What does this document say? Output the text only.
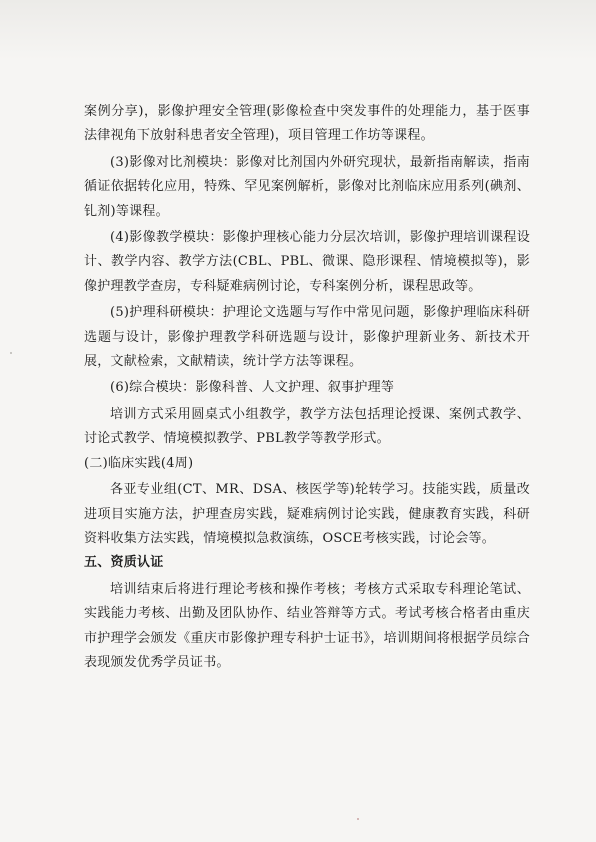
案例分享)，影像护理安全管理(影像检查中突发事件的处理能力，基于医事法律视角下放射科患者安全管理)，项目管理工作坊等课程。

(3)影像对比剂模块：影像对比剂国内外研究现状，最新指南解读，指南循证依据转化应用，特殊、罕见案例解析，影像对比剂临床应用系列(碘剂、钆剂)等课程。

(4)影像教学模块：影像护理核心能力分层次培训，影像护理培训课程设计、教学内容、教学方法(CBL、PBL、微课、隐形课程、情境模拟等)，影像护理教学查房，专科疑难病例讨论，专科案例分析，课程思政等。

(5)护理科研模块：护理论文选题与写作中常见问题，影像护理临床科研选题与设计，影像护理教学科研选题与设计，影像护理新业务、新技术开展，文献检索，文献精读，统计学方法等课程。

(6)综合模块：影像科普、人文护理、叙事护理等

培训方式采用圆桌式小组教学，教学方法包括理论授课、案例式教学、讨论式教学、情境模拟教学、PBL教学等教学形式。

(二)临床实践(4周)

各亚专业组(CT、MR、DSA、核医学等)轮转学习。技能实践，质量改进项目实施方法，护理查房实践，疑难病例讨论实践，健康教育实践，科研资料收集方法实践，情境模拟急救演练，OSCE考核实践，讨论会等。

五、资质认证

培训结束后将进行理论考核和操作考核；考核方式采取专科理论笔试、实践能力考核、出勤及团队协作、结业答辩等方式。考试考核合格者由重庆市护理学会颁发《重庆市影像护理专科护士证书》，培训期间将根据学员综合表现颁发优秀学员证书。
